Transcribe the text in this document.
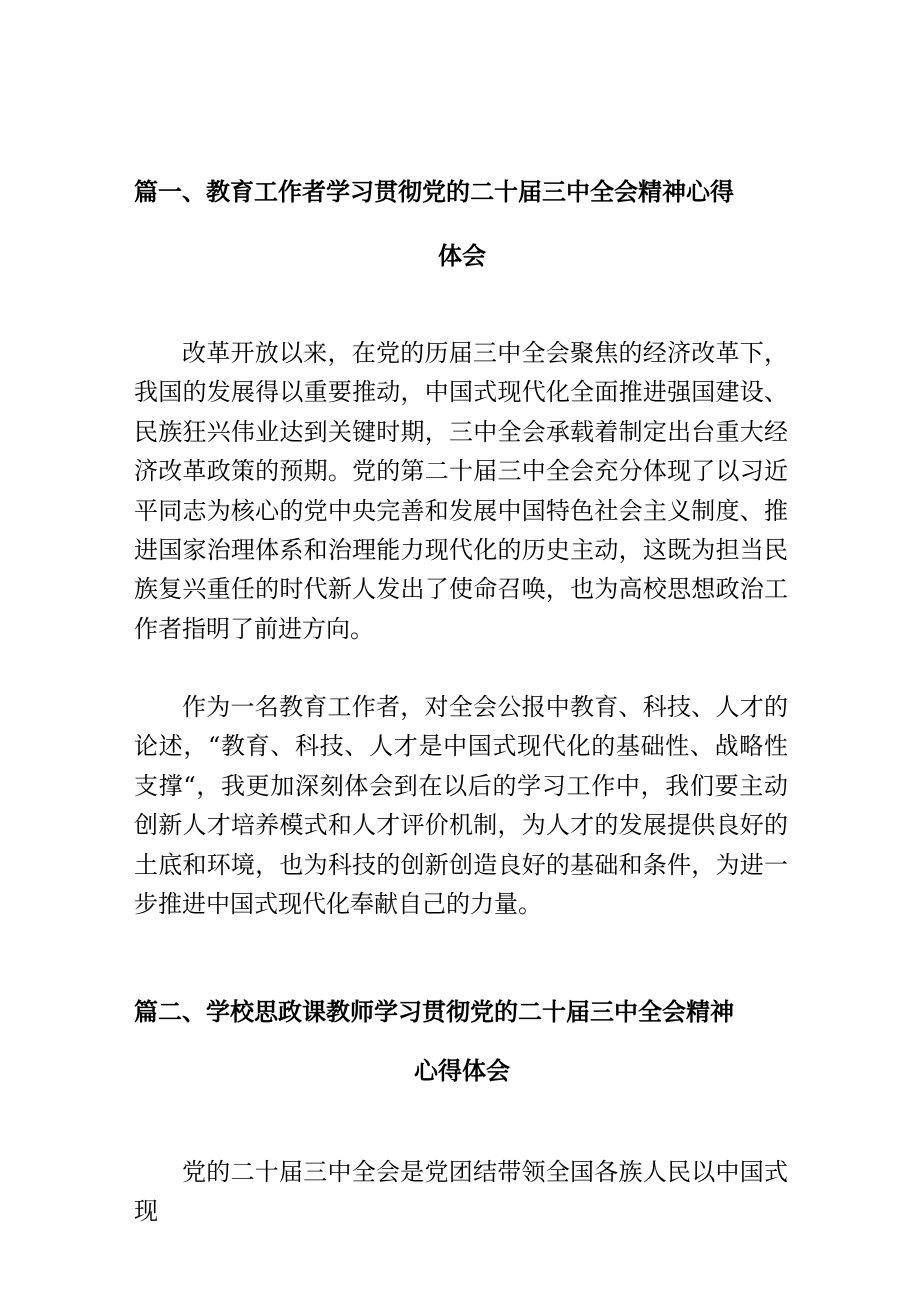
篇一、教育工作者学习贯彻党的二十届三中全会精神心得
体会

改革开放以来，在党的历届三中全会聚焦的经济改革下，我国的发展得以重要推动，中国式现代化全面推进强国建设、民族狂兴伟业达到关键时期，三中全会承载着制定出台重大经济改革政策的预期。党的第二十届三中全会充分体现了以习近平同志为核心的党中央完善和发展中国特色社会主义制度、推进国家治理体系和治理能力现代化的历史主动，这既为担当民族复兴重任的时代新人发出了使命召唤，也为高校思想政治工作者指明了前进方向。

作为一名教育工作者，对全会公报中教育、科技、人才的论述，“教育、科技、人才是中国式现代化的基础性、战略性支撑“，我更加深刻体会到在以后的学习工作中，我们要主动创新人才培养模式和人才评价机制，为人才的发展提供良好的土底和环境，也为科技的创新创造良好的基础和条件，为进一步推进中国式现代化奉献自己的力量。

篇二、学校思政课教师学习贯彻党的二十届三中全会精神
心得体会

党的二十届三中全会是党团结带领全国各族人民以中国式现
